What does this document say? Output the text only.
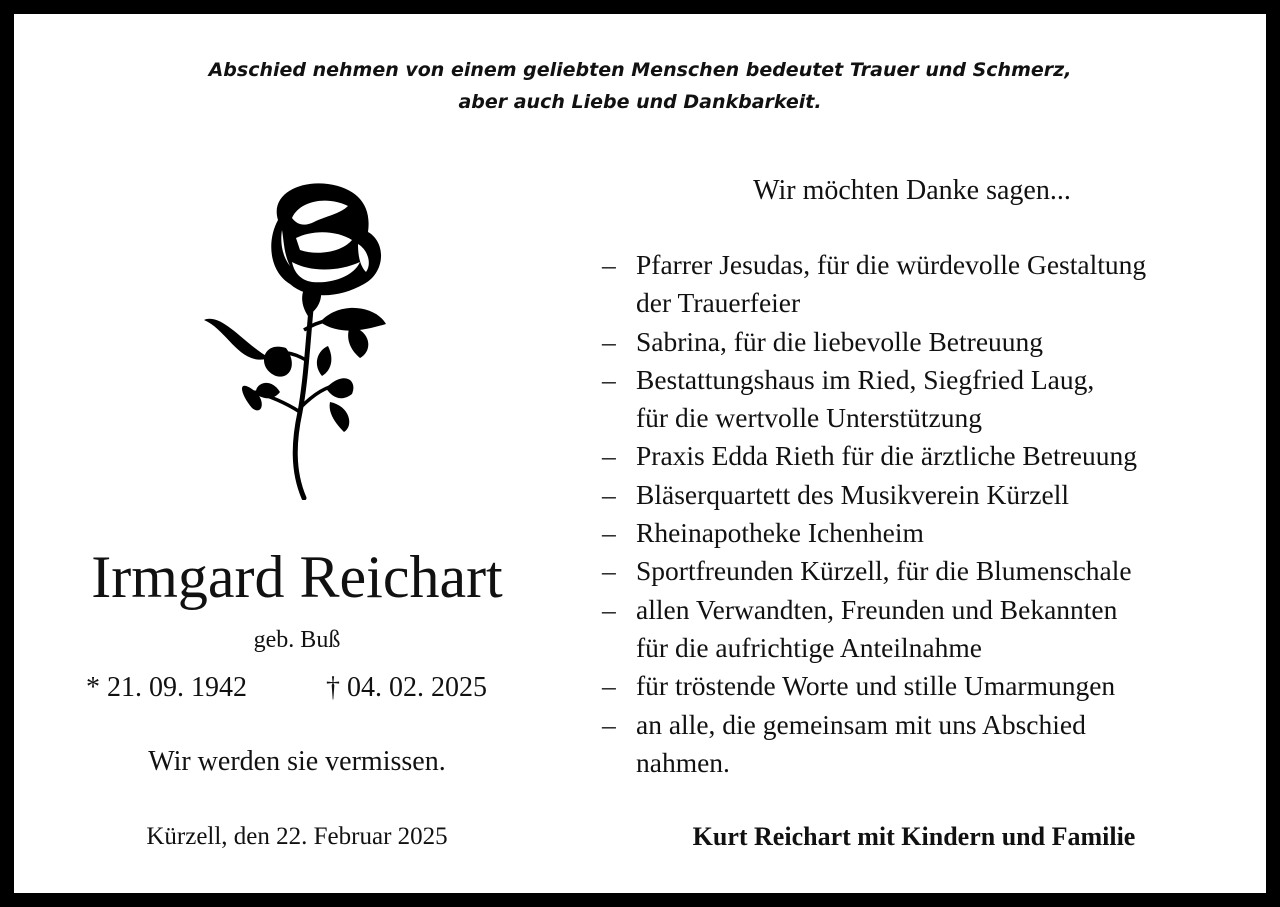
Abschied nehmen von einem geliebten Menschen bedeutet Trauer und Schmerz,
aber auch Liebe und Dankbarkeit.
Irmgard Reichart
geb. Buß
* 21. 09. 1942	† 04. 02. 2025
Wir werden sie vermissen.
Kürzell, den 22. Februar 2025
Wir möchten Danke sagen...
– Pfarrer Jesudas, für die würdevolle Gestaltung
der Trauerfeier
– Sabrina, für die liebevolle Betreuung
– Bestattungshaus im Ried, Siegfried Laug,
für die wertvolle Unterstützung
– Praxis Edda Rieth für die ärztliche Betreuung
– Bläserquartett des Musikverein Kürzell
– Rheinapotheke Ichenheim
– Sportfreunden Kürzell, für die Blumenschale
– allen Verwandten, Freunden und Bekannten
für die aufrichtige Anteilnahme
– für tröstende Worte und stille Umarmungen
– an alle, die gemeinsam mit uns Abschied
nahmen.
Kurt Reichart mit Kindern und Familie
